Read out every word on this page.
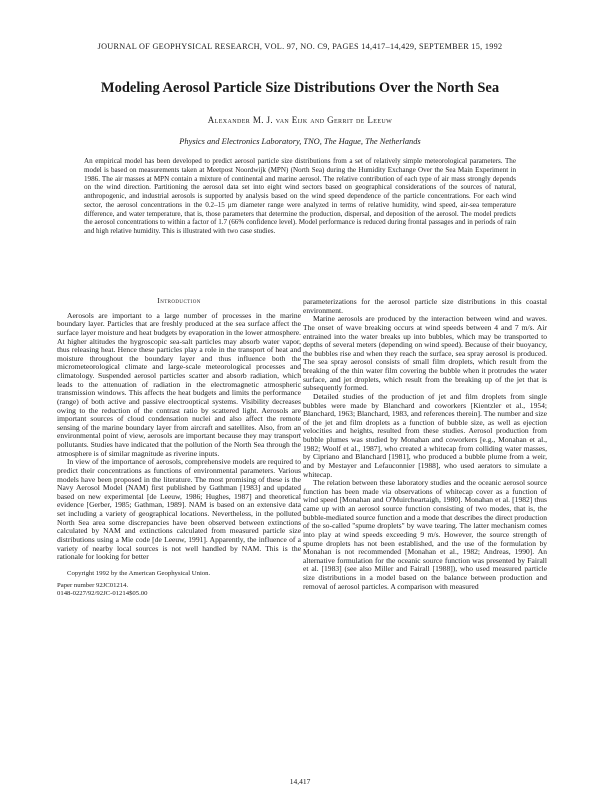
JOURNAL OF GEOPHYSICAL RESEARCH, VOL. 97, NO. C9, PAGES 14,417–14,429, SEPTEMBER 15, 1992
Modeling Aerosol Particle Size Distributions Over the North Sea
Alexander M. J. van Eijk and Gerrit de Leeuw
Physics and Electronics Laboratory, TNO, The Hague, The Netherlands

An empirical model has been developed to predict aerosol particle size distributions from a set of relatively simple meteorological parameters. The model is based on measurements taken at Meetpost Noordwijk (MPN) (North Sea) during the Humidity Exchange Over the Sea Main Experiment in 1986. The air masses at MPN contain a mixture of continental and marine aerosol. The relative contribution of each type of air mass strongly depends on the wind direction. Partitioning the aerosol data set into eight wind sectors based on geographical considerations of the sources of natural, anthropogenic, and industrial aerosols is supported by analysis based on the wind speed dependence of the particle concentrations. For each wind sector, the aerosol concentrations in the 0.2–15 μm diameter range were analyzed in terms of relative humidity, wind speed, air-sea temperature difference, and water temperature, that is, those parameters that determine the production, dispersal, and deposition of the aerosol. The model predicts the aerosol concentrations to within a factor of 1.7 (66% confidence level). Model performance is reduced during frontal passages and in periods of rain and high relative humidity. This is illustrated with two case studies.

Introduction

Aerosols are important to a large number of processes in the marine boundary layer. Particles that are freshly produced at the sea surface affect the surface layer moisture and heat budgets by evaporation in the lower atmosphere. At higher altitudes the hygroscopic sea-salt particles may absorb water vapor, thus releasing heat. Hence these particles play a role in the transport of heat and moisture throughout the boundary layer and thus influence both the micrometeorological climate and large-scale meteorological processes and climatology. Suspended aerosol particles scatter and absorb radiation, which leads to the attenuation of radiation in the electromagnetic atmospheric transmission windows. This affects the heat budgets and limits the performance (range) of both active and passive electrooptical systems. Visibility decreases owing to the reduction of the contrast ratio by scattered light. Aerosols are important sources of cloud condensation nuclei and also affect the remote sensing of the marine boundary layer from aircraft and satellites. Also, from an environmental point of view, aerosols are important because they may transport pollutants. Studies have indicated that the pollution of the North Sea through the atmosphere is of similar magnitude as riverine inputs.

In view of the importance of aerosols, comprehensive models are required to predict their concentrations as functions of environmental parameters. Various models have been proposed in the literature. The most promising of these is the Navy Aerosol Model (NAM) first published by Gathman [1983] and updated based on new experimental [de Leeuw, 1986; Hughes, 1987] and theoretical evidence [Gerber, 1985; Gathman, 1989]. NAM is based on an extensive data set including a variety of geographical locations. Nevertheless, in the polluted North Sea area some discrepancies have been observed between extinctions calculated by NAM and extinctions calculated from measured particle size distributions using a Mie code [de Leeuw, 1991]. Apparently, the influence of a variety of nearby local sources is not well handled by NAM. This is the rationale for looking for better

Copyright 1992 by the American Geophysical Union.
Paper number 92JC01214.
0148-0227/92/92JC-01214$05.00

parameterizations for the aerosol particle size distributions in this coastal environment.

Marine aerosols are produced by the interaction between wind and waves. The onset of wave breaking occurs at wind speeds between 4 and 7 m/s. Air entrained into the water breaks up into bubbles, which may be transported to depths of several meters (depending on wind speed). Because of their buoyancy, the bubbles rise and when they reach the surface, sea spray aerosol is produced. The sea spray aerosol consists of small film droplets, which result from the breaking of the thin water film covering the bubble when it protrudes the water surface, and jet droplets, which result from the breaking up of the jet that is subsequently formed.

Detailed studies of the production of jet and film droplets from single bubbles were made by Blanchard and coworkers [Kientzler et al., 1954; Blanchard, 1963; Blanchard, 1983, and references therein]. The number and size of the jet and film droplets as a function of bubble size, as well as ejection velocities and heights, resulted from these studies. Aerosol production from bubble plumes was studied by Monahan and coworkers [e.g., Monahan et al., 1982; Woolf et al., 1987], who created a whitecap from colliding water masses, by Cipriano and Blanchard [1981], who produced a bubble plume from a weir, and by Mestayer and Lefauconnier [1988], who used aerators to simulate a whitecap.

The relation between these laboratory studies and the oceanic aerosol source function has been made via observations of whitecap cover as a function of wind speed [Monahan and O'Muircheartaigh, 1980]. Monahan et al. [1982] thus came up with an aerosol source function consisting of two modes, that is, the bubble-mediated source function and a mode that describes the direct production of the so-called "spume droplets" by wave tearing. The latter mechanism comes into play at wind speeds exceeding 9 m/s. However, the source strength of spume droplets has not been established, and the use of the formulation by Monahan is not recommended [Monahan et al., 1982; Andreas, 1990]. An alternative formulation for the oceanic source function was presented by Fairall et al. [1983] (see also Miller and Fairall [1988]), who used measured particle size distributions in a model based on the balance between production and removal of aerosol particles. A comparison with measured

14,417
